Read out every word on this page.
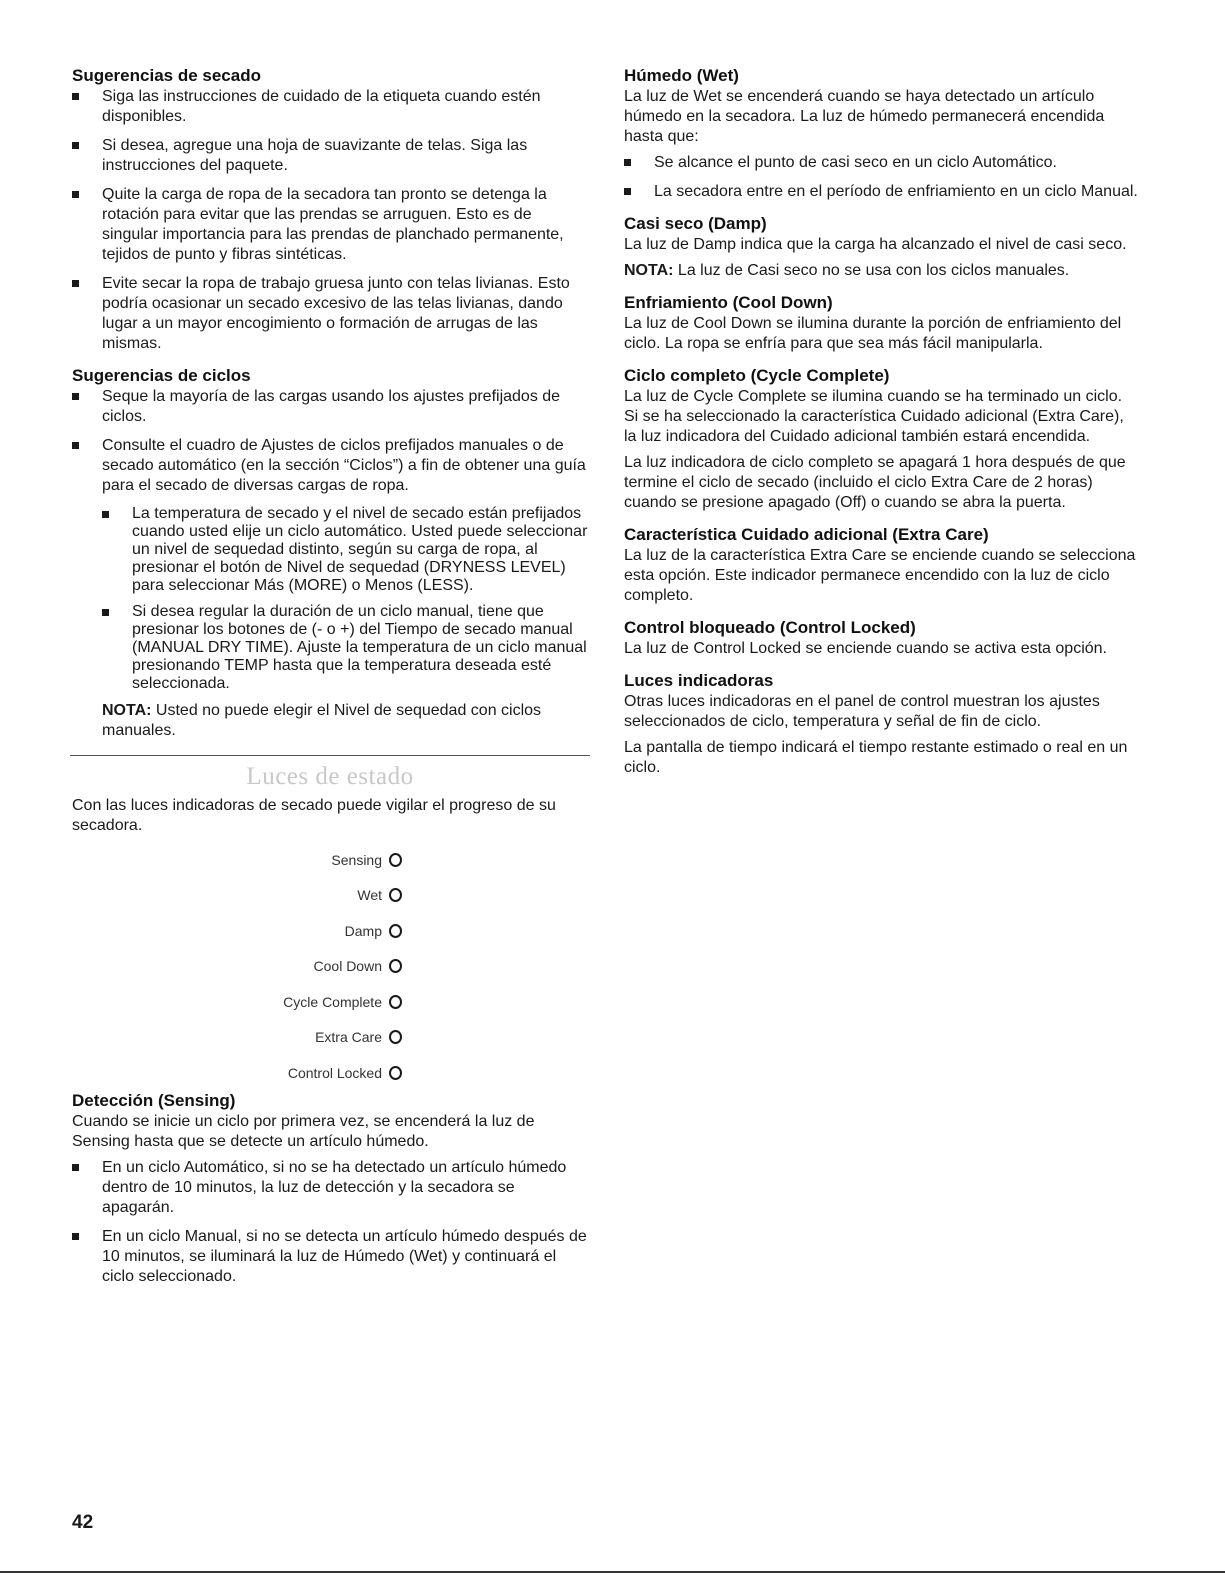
Sugerencias de secado
Siga las instrucciones de cuidado de la etiqueta cuando estén disponibles.
Si desea, agregue una hoja de suavizante de telas. Siga las instrucciones del paquete.
Quite la carga de ropa de la secadora tan pronto se detenga la rotación para evitar que las prendas se arruguen. Esto es de singular importancia para las prendas de planchado permanente, tejidos de punto y fibras sintéticas.
Evite secar la ropa de trabajo gruesa junto con telas livianas. Esto podría ocasionar un secado excesivo de las telas livianas, dando lugar a un mayor encogimiento o formación de arrugas de las mismas.
Sugerencias de ciclos
Seque la mayoría de las cargas usando los ajustes prefijados de ciclos.
Consulte el cuadro de Ajustes de ciclos prefijados manuales o de secado automático (en la sección “Ciclos”) a fin de obtener una guía para el secado de diversas cargas de ropa.
La temperatura de secado y el nivel de secado están prefijados cuando usted elije un ciclo automático. Usted puede seleccionar un nivel de sequedad distinto, según su carga de ropa, al presionar el botón de Nivel de sequedad (DRYNESS LEVEL) para seleccionar Más (MORE) o Menos (LESS).
Si desea regular la duración de un ciclo manual, tiene que presionar los botones de (- o +) del Tiempo de secado manual (MANUAL DRY TIME). Ajuste la temperatura de un ciclo manual presionando TEMP hasta que la temperatura deseada esté seleccionada.

NOTA: Usted no puede elegir el Nivel de sequedad con ciclos manuales.

Luces de estado

Con las luces indicadoras de secado puede vigilar el progreso de su secadora.

Sensing
Wet
Damp
Cool Down
Cycle Complete
Extra Care
Control Locked
Detección (Sensing)

Cuando se inicie un ciclo por primera vez, se encenderá la luz de Sensing hasta que se detecte un artículo húmedo.

En un ciclo Automático, si no se ha detectado un artículo húmedo dentro de 10 minutos, la luz de detección y la secadora se apagarán.
En un ciclo Manual, si no se detecta un artículo húmedo después de 10 minutos, se iluminará la luz de Húmedo (Wet) y continuará el ciclo seleccionado.
Húmedo (Wet)

La luz de Wet se encenderá cuando se haya detectado un artículo húmedo en la secadora. La luz de húmedo permanecerá encendida hasta que:

Se alcance el punto de casi seco en un ciclo Automático.
La secadora entre en el período de enfriamiento en un ciclo Manual.
Casi seco (Damp)

La luz de Damp indica que la carga ha alcanzado el nivel de casi seco.

NOTA: La luz de Casi seco no se usa con los ciclos manuales.

Enfriamiento (Cool Down)

La luz de Cool Down se ilumina durante la porción de enfriamiento del ciclo. La ropa se enfría para que sea más fácil manipularla.

Ciclo completo (Cycle Complete)

La luz de Cycle Complete se ilumina cuando se ha terminado un ciclo. Si se ha seleccionado la característica Cuidado adicional (Extra Care), la luz indicadora del Cuidado adicional también estará encendida.

La luz indicadora de ciclo completo se apagará 1 hora después de que termine el ciclo de secado (incluido el ciclo Extra Care de 2 horas) cuando se presione apagado (Off) o cuando se abra la puerta.

Característica Cuidado adicional (Extra Care)

La luz de la característica Extra Care se enciende cuando se selecciona esta opción. Este indicador permanece encendido con la luz de ciclo completo.

Control bloqueado (Control Locked)

La luz de Control Locked se enciende cuando se activa esta opción.

Luces indicadoras

Otras luces indicadoras en el panel de control muestran los ajustes seleccionados de ciclo, temperatura y señal de fin de ciclo.

La pantalla de tiempo indicará el tiempo restante estimado o real en un ciclo.

42
